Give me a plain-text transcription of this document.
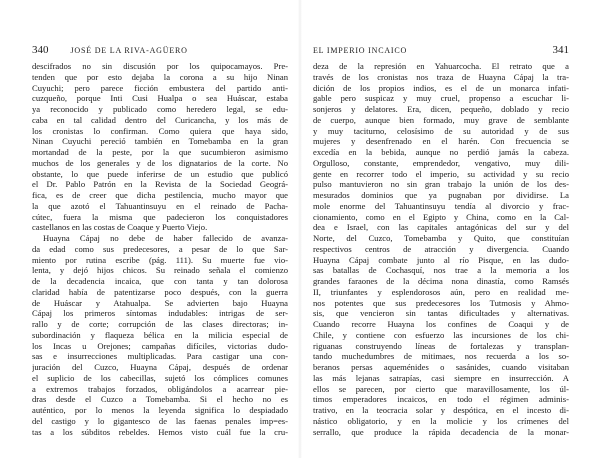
340	JOSÉ DE LA RIVA-AGÜERO
descifrados no sin discusión por los quipocamayos. Pre-
tenden que por esto dejaba la corona a su hijo Ninan
Cuyuchi; pero parece ficción embustera del partido anti-
cuzqueño, porque Inti Cusi Hualpa o sea Huáscar, estaba
ya reconocido y publicado como heredero legal, se edu-
caba en tal calidad dentro del Curicancha, y los más de
los cronistas lo confirman. Como quiera que haya sido,
Ninan Cuyuchi pereció también en Tomebamba en la gran
mortandad de la peste, por la que sucumbieron asimismo
muchos de los generales y de los dignatarios de la corte. No
obstante, lo que puede inferirse de un estudio que publicó
el Dr. Pablo Patrón en la Revista de la Sociedad Geográ-
fica, es de creer que dicha pestilencia, mucho mayor que
la que azotó el Tahuantinsuyu en el reinado de Pacha-
cútec, fuera la misma que padecieron los conquistadores
castellanos en las costas de Coaque y Puerto Viejo.
Huayna Cápaj no debe de haber fallecido de avanza-
da edad como sus predecesores, a pesar de lo que Sar-
miento por rutina escribe (pág. 111). Su muerte fue vio-
lenta, y dejó hijos chicos. Su reinado señala el comienzo
de la decadencia incaica, que con tanta y tan dolorosa
claridad había de patentizarse poco después, con la guerra
de Huáscar y Atahualpa. Se advierten bajo Huayna
Cápaj los primeros síntomas indudables: intrigas de ser-
rallo y de corte; corrupción de las clases directoras; in-
subordinación y flaqueza bélica en la milicia especial de
los Incas u Orejones; campañas difíciles, victorias dudo-
sas e insurrecciones multiplicadas. Para castigar una con-
juración del Cuzco, Huayna Cápaj, después de ordenar
el suplicio de los cabecillas, sujetó los cómplices comunes
a extremos trabajos forzados, obligándolos a acarrear pie-
dras desde el Cuzco a Tomebamba. Si el hecho no es
auténtico, por lo menos la leyenda significa lo despiadado
del castigo y lo gigantesco de las faenas penales imp=es-
tas a los súbditos rebeldes. Hemos visto cuál fue la cru-
EL IMPERIO INCAICO	341
deza de la represión en Yahuarcocha. El retrato que a
través de los cronistas nos traza de Huayna Cápaj la tra-
dición de los propios indios, es el de un monarca infati-
gable pero suspicaz y muy cruel, propenso a escuchar li-
sonjeros y delatores. Era, dicen, pequeño, doblado y recio
de cuerpo, aunque bien formado, muy grave de semblante
y muy taciturno, celosísimo de su autoridad y de sus
mujeres y desenfrenado en el harén. Con frecuencia se
excedía en la bebida, aunque no perdió jamás la cabeza.
Orgulloso, constante, emprendedor, vengativo, muy dili-
gente en recorrer todo el imperio, su actividad y su recio
pulso mantuvieron no sin gran trabajo la unión de los des-
mesurados dominios que ya pugnaban por dividirse. La
mole enorme del Tahuantinsuyu tendía al divorcio y frac-
cionamiento, como en el Egipto y China, como en la Cal-
dea e Israel, con las capitales antagónicas del sur y del
Norte, del Cuzco, Tomebamba y Quito, que constituían
respectivos centros de atracción y divergencia. Cuando
Huayna Cápaj combate junto al río Pisque, en las dudo-
sas batallas de Cochasquí, nos trae a la memoria a los
grandes faraones de la décima nona dinastía, como Ramsés
II, triunfantes y esplendorosos aún, pero en realidad me-
nos potentes que sus predecesores los Tutmosis y Ahmo-
sis, que vencieron sin tantas dificultades y alternativas.
Cuando recorre Huayna los confines de Coaqui y de
Chile, y contiene con esfuerzo las incursiones de los chi-
riguanas construyendo líneas de fortalezas y transplan-
tando muchedumbres de mitimaes, nos recuerda a los so-
beranos persas aqueménides o sasánides, cuando visitaban
las más lejanas satrapías, casi siempre en insurrección. A
ellos se parecen, por cierto que maravillosamente, los úl-
timos emperadores incaicos, en todo el régimen adminis-
trativo, en la teocracia solar y despótica, en el incesto di-
nástico obligatorio, y en la molicie y los crímenes del
serrallo, que produce la rápida decadencia de la monar-
